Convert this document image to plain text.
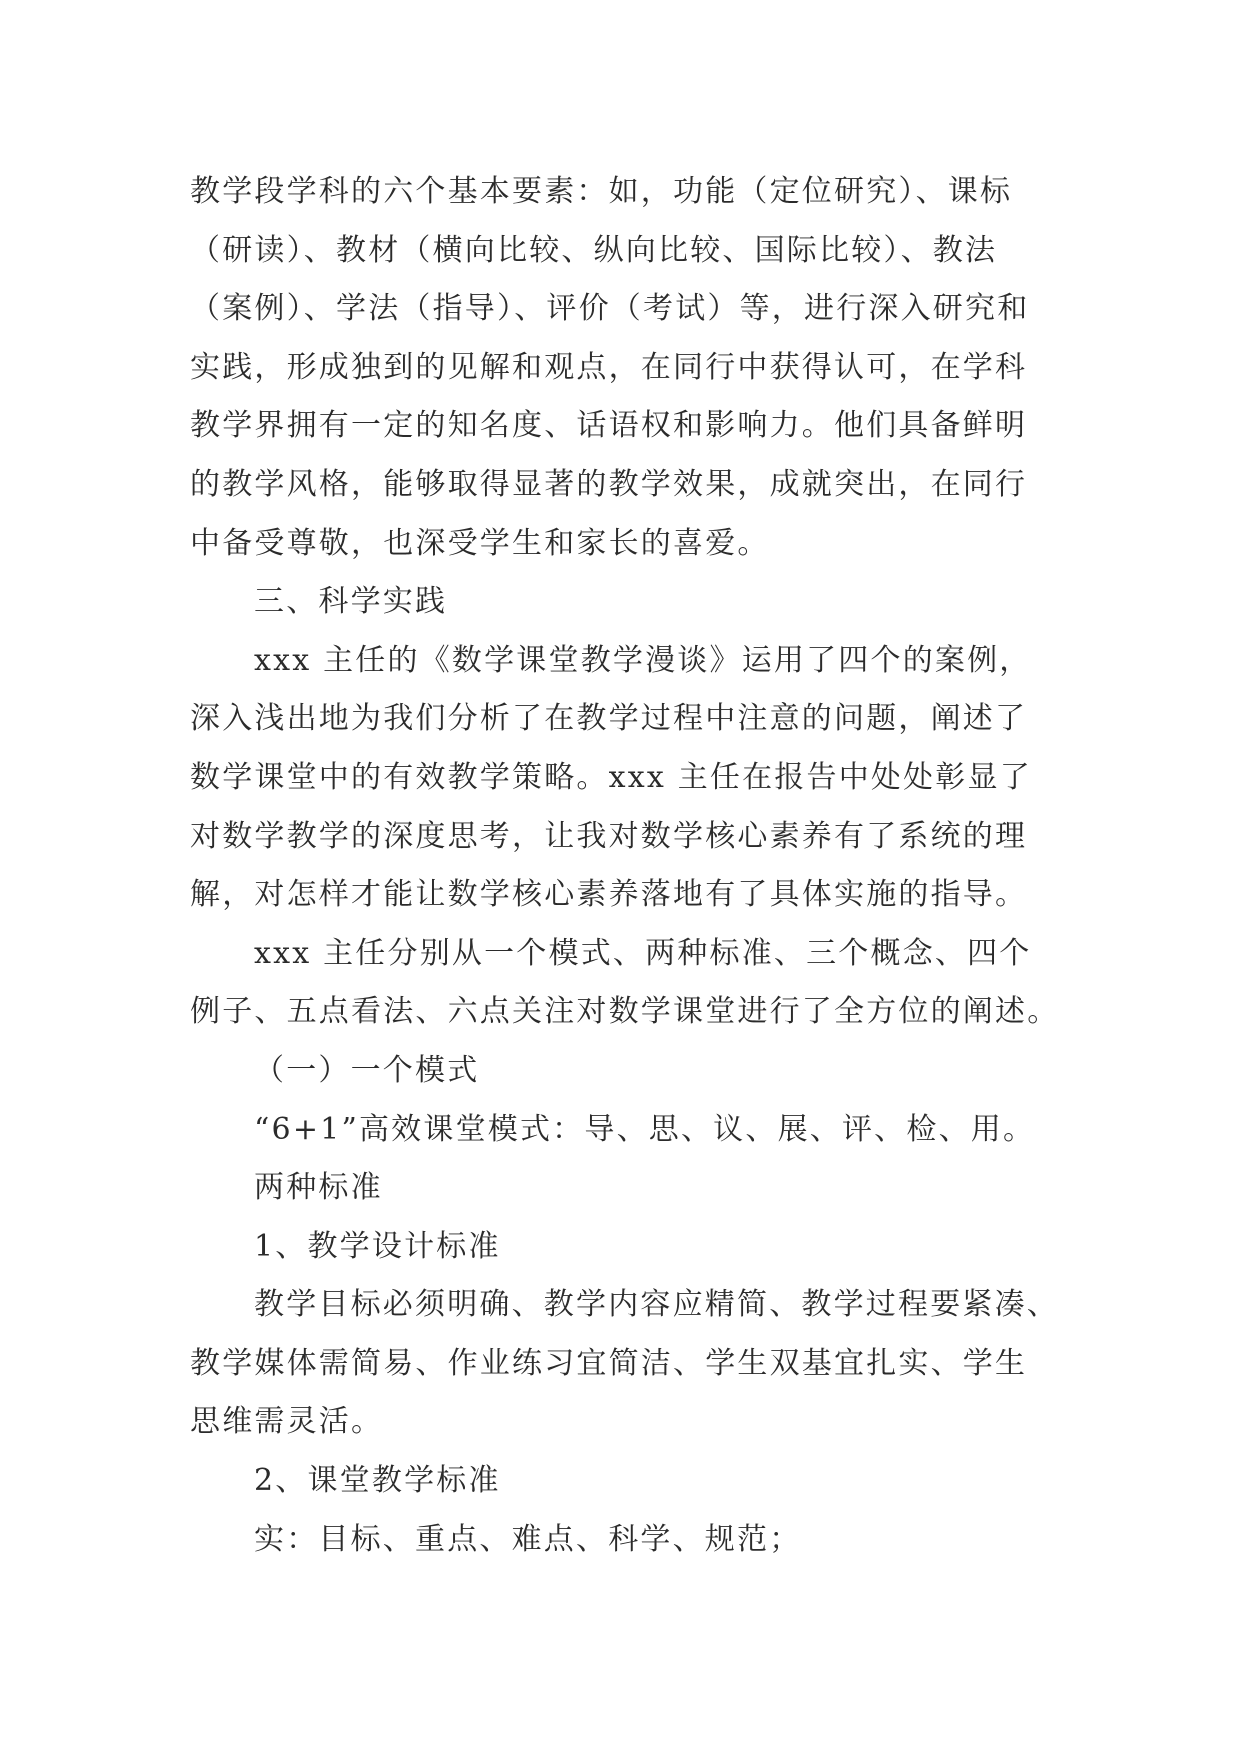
教学段学科的六个基本要素：如，功能（定位研究）、课标
（研读）、教材（横向比较、纵向比较、国际比较）、教法
（案例）、学法（指导）、评价（考试）等，进行深入研究和
实践，形成独到的见解和观点，在同行中获得认可，在学科
教学界拥有一定的知名度、话语权和影响力。他们具备鲜明
的教学风格，能够取得显著的教学效果，成就突出，在同行
中备受尊敬，也深受学生和家长的喜爱。
三、科学实践
xxx 主任的《数学课堂教学漫谈》运用了四个的案例，
深入浅出地为我们分析了在教学过程中注意的问题，阐述了
数学课堂中的有效教学策略。xxx 主任在报告中处处彰显了
对数学教学的深度思考，让我对数学核心素养有了系统的理
解，对怎样才能让数学核心素养落地有了具体实施的指导。
xxx 主任分别从一个模式、两种标准、三个概念、四个
例子、五点看法、六点关注对数学课堂进行了全方位的阐述。
（一）一个模式
“6+1”高效课堂模式：导、思、议、展、评、检、用。
两种标准
1、教学设计标准
教学目标必须明确、教学内容应精简、教学过程要紧凑、
教学媒体需简易、作业练习宜简洁、学生双基宜扎实、学生
思维需灵活。
2、课堂教学标准
实：目标、重点、难点、科学、规范；
